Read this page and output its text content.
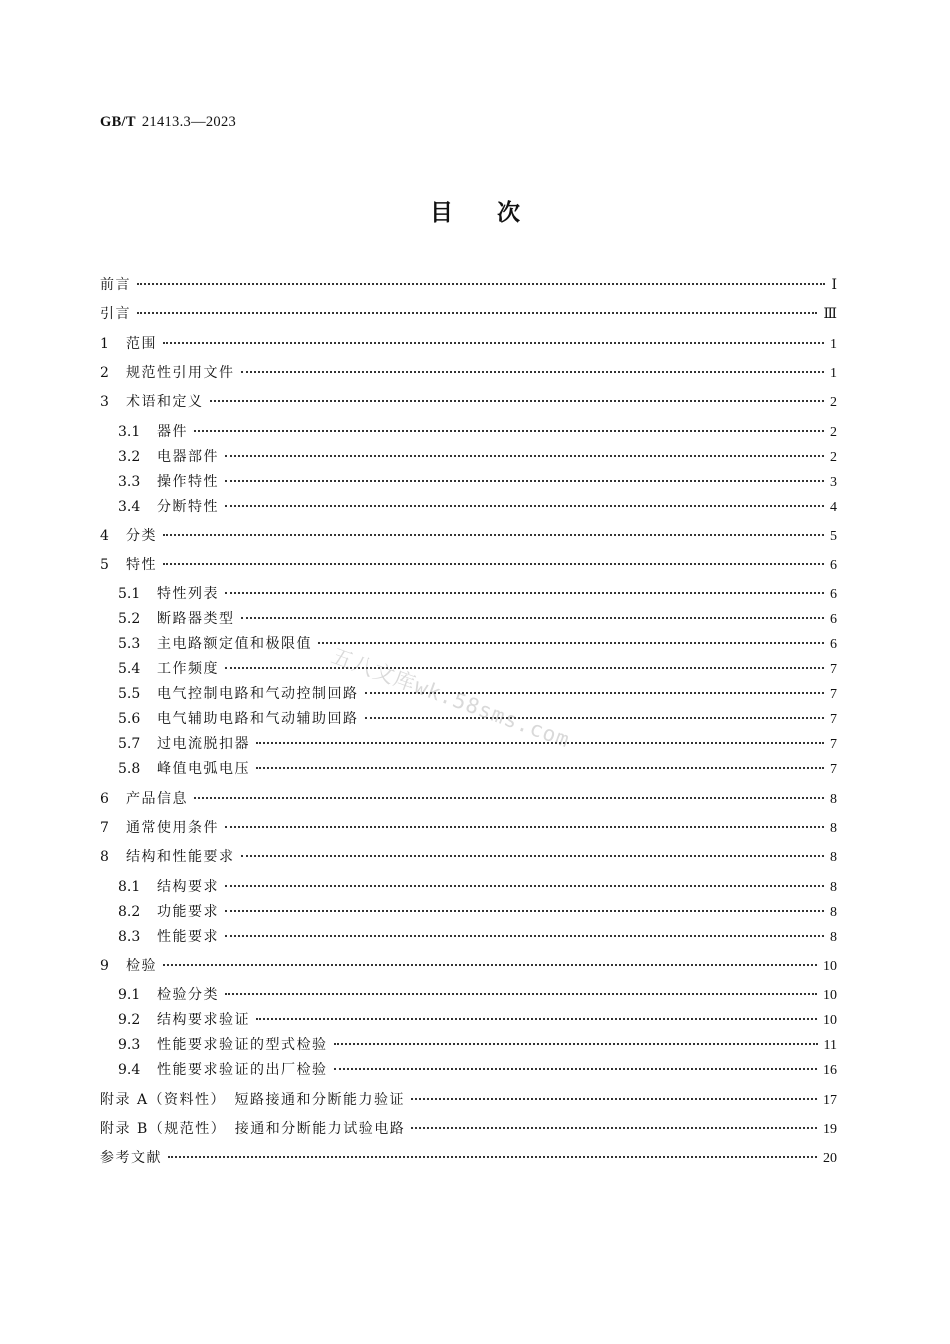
GB/T 21413.3—2023
目次
前言	Ⅰ
引言	Ⅲ
1	范围	1
2	规范性引用文件	1
3	术语和定义	2
3.1	器件	2
3.2	电器部件	2
3.3	操作特性	3
3.4	分断特性	4
4	分类	5
5	特性	6
5.1	特性列表	6
5.2	断路器类型	6
5.3	主电路额定值和极限值	6
5.4	工作频度	7
5.5	电气控制电路和气动控制回路	7
5.6	电气辅助电路和气动辅助回路	7
5.7	过电流脱扣器	7
5.8	峰值电弧电压	7
6	产品信息	8
7	通常使用条件	8
8	结构和性能要求	8
8.1	结构要求	8
8.2	功能要求	8
8.3	性能要求	8
9	检验	10
9.1	检验分类	10
9.2	结构要求验证	10
9.3	性能要求验证的型式检验	11
9.4	性能要求验证的出厂检验	16
附录 A（资料性）　短路接通和分断能力验证	17
附录 B（规范性）　接通和分断能力试验电路	19
参考文献	20
五八文库wk.58sms.com
